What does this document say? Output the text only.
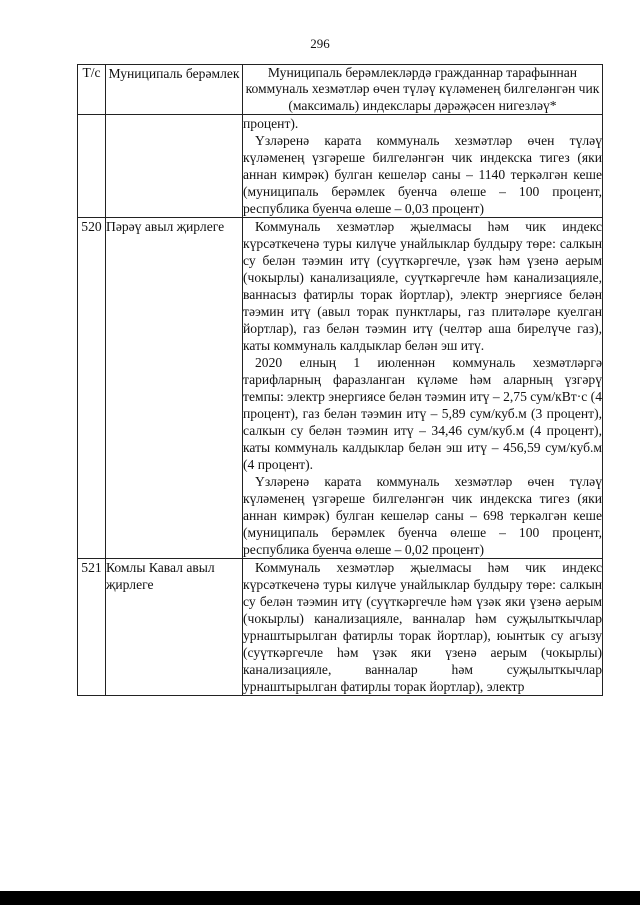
296
Т/с	Муниципаль берәмлек	Муниципаль берәмлекләрдә гражданнар тарафыннан коммуналь хезмәтләр өчен түләү күләменең билгеләнгән чик (максималь) индекслары дәрәҗәсен нигезләү*

		процент).
Үзләренә карата коммуналь хезмәтләр өчен түләү күләменең үзгәреше билгеләнгән чик индекска тигез (яки аннан кимрәк) булган кешеләр саны – 1140 теркәлгән кеше (муниципаль берәмлек буенча өлеше – 100 процент, республика буенча өлеше – 0,03 процент)

520	Пәрәү авыл җирлеге	Коммуналь хезмәтләр җыелмасы һәм чик индекс күрсәткеченә туры килүче унайлыклар булдыру төре: салкын су белән тәэмин итү (суүткәргечле, үзәк һәм үзенә аерым (чокырлы) канализацияле, суүткәргечле һәм канализацияле, ваннасыз фатирлы торак йортлар), электр энергиясе белән тәэмин итү (авыл торак пунктлары, газ плитәләре куелган йортлар), газ белән тәэмин итү (челтәр аша бирелүче газ), каты коммуналь калдыклар белән эш итү.
2020 елның 1 июленнән коммуналь хезмәтләргә тарифларның фаразланган күләме һәм аларның үзгәрү темпы: электр энергиясе белән тәэмин итү – 2,75 сум/кВт·с (4 процент), газ белән тәэмин итү – 5,89 сум/куб.м (3 процент), салкын су белән тәэмин итү – 34,46 сум/куб.м (4 процент), каты коммуналь калдыклар белән эш итү – 456,59 сум/куб.м (4 процент).
Үзләренә карата коммуналь хезмәтләр өчен түләү күләменең үзгәреше билгеләнгән чик индекска тигез (яки аннан кимрәк) булган кешеләр саны – 698 теркәлгән кеше (муниципаль берәмлек буенча өлеше – 100 процент, республика буенча өлеше – 0,02 процент)

521	Комлы Кавал авыл җирлеге	Коммуналь хезмәтләр җыелмасы һәм чик индекс күрсәткеченә туры килүче унайлыклар булдыру төре: салкын су белән тәэмин итү (суүткәргечле һәм үзәк яки үзенә аерым (чокырлы) канализацияле, ванналар һәм суҗылыткычлар урнаштырылган фатирлы торак йортлар), юынтык су агызу (суүткәргечле һәм үзәк яки үзенә аерым (чокырлы) канализацияле, ванналар һәм суҗылыткычлар урнаштырылган фатирлы торак йортлар), электр
